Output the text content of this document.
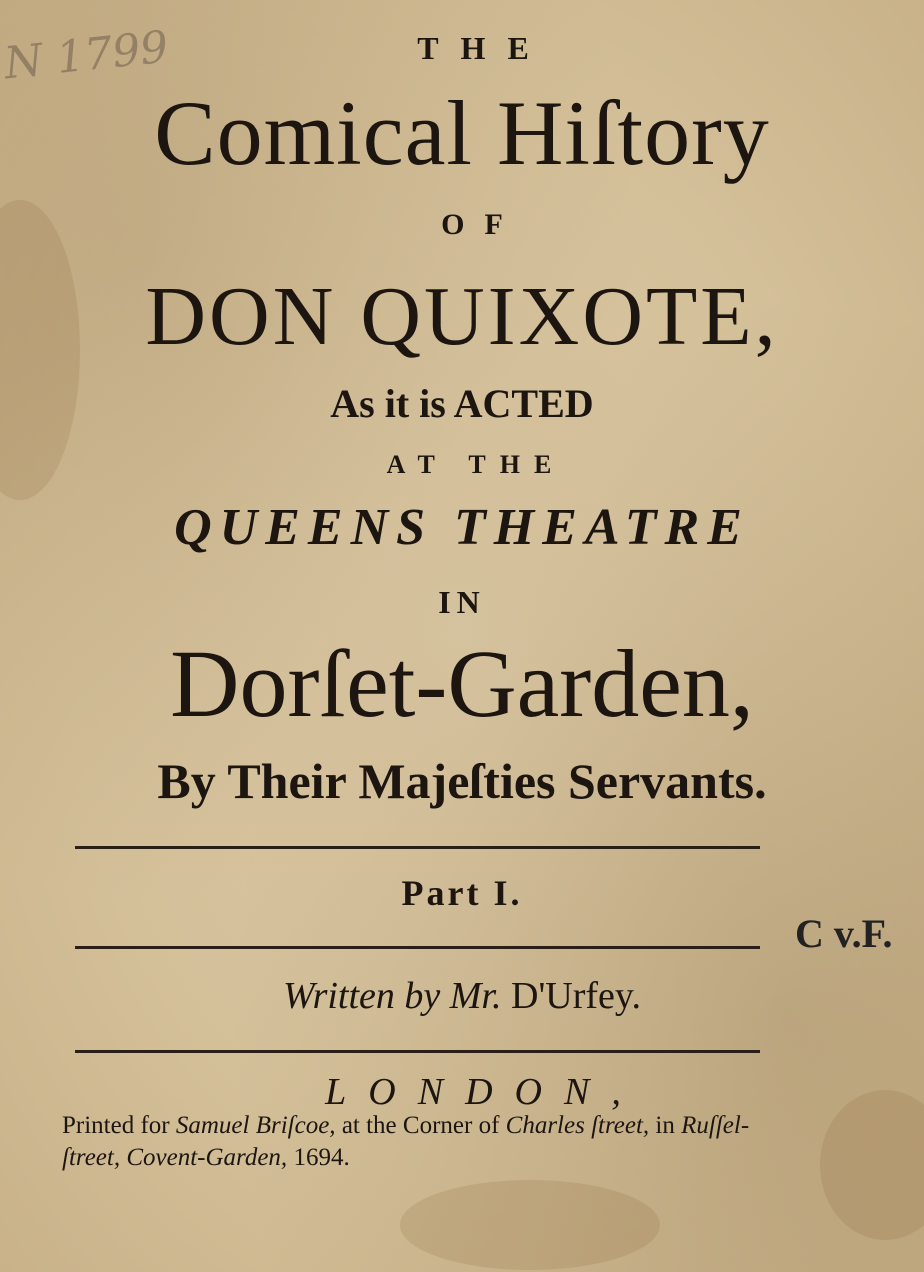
N 1799	THE
Comical Hiſtory
OF
DON QUIXOTE,
As it is ACTED
AT THE
QUEENS THEATRE
IN
Dorſet-Garden,
By Their Majeſties Servants.
Part I.
C v.F.
Written by Mr. D'Urfey.
LONDON,
Printed for Samuel Briſcoe, at the Corner of Charles ſtreet, in Ruſſel-ſtreet, Covent-Garden, 1694.
